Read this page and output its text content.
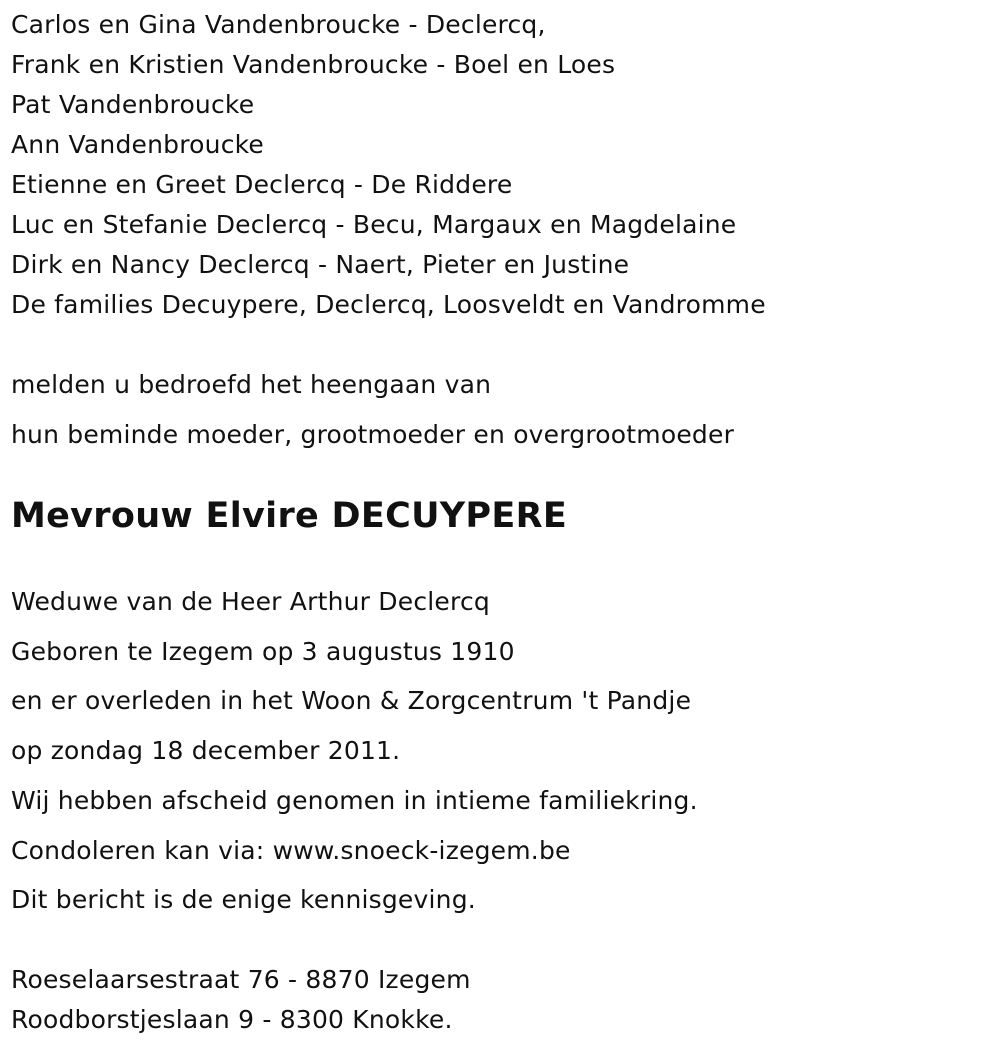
Carlos en Gina Vandenbroucke - Declercq,
Frank en Kristien Vandenbroucke - Boel en Loes
Pat Vandenbroucke
Ann Vandenbroucke
Etienne en Greet Declercq - De Riddere
Luc en Stefanie Declercq - Becu, Margaux en Magdelaine
Dirk en Nancy Declercq - Naert, Pieter en Justine
De families Decuypere, Declercq, Loosveldt en Vandromme
melden u bedroefd het heengaan van
hun beminde moeder, grootmoeder en overgrootmoeder
Mevrouw Elvire DECUYPERE
Weduwe van de Heer Arthur Declercq
Geboren te Izegem op 3 augustus 1910
en er overleden in het Woon & Zorgcentrum 't Pandje
op zondag 18 december 2011.
Wij hebben afscheid genomen in intieme familiekring.
Condoleren kan via: www.snoeck-izegem.be
Dit bericht is de enige kennisgeving.
Roeselaarsestraat 76 - 8870 Izegem
Roodborstjeslaan 9 - 8300 Knokke.
